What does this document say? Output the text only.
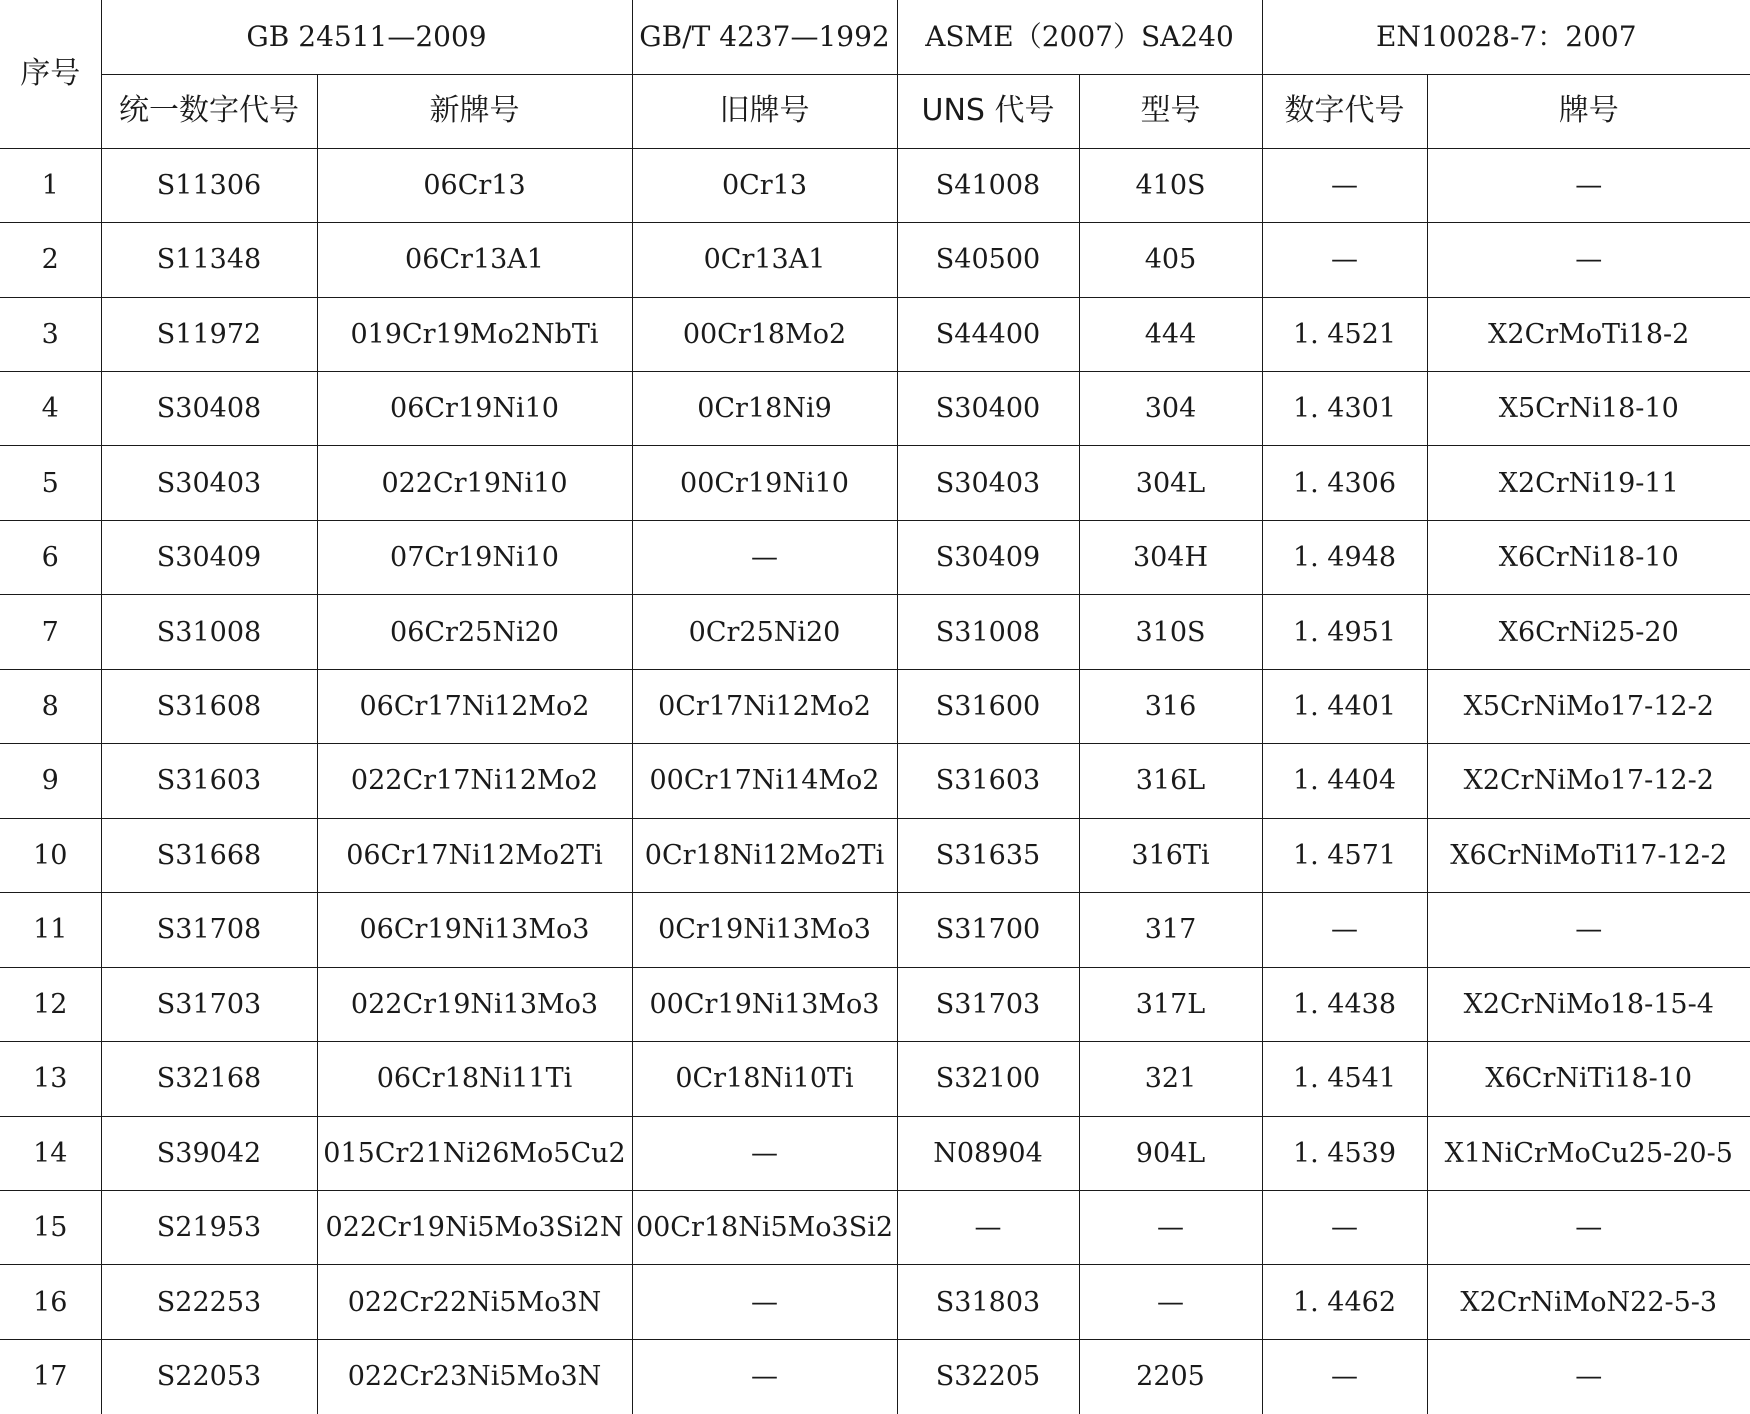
序号	GB 24511—2009		GB/T 4237—1992	ASME（2007）SA240		EN10028-7：2007	
	统一数字代号	新牌号	旧牌号	UNS 代号	型号	数字代号	牌号
1	S11306	06Cr13	0Cr13	S41008	410S	—	—
2	S11348	06Cr13A1	0Cr13A1	S40500	405	—	—
3	S11972	019Cr19Mo2NbTi	00Cr18Mo2	S44400	444	1. 4521	X2CrMoTi18-2
4	S30408	06Cr19Ni10	0Cr18Ni9	S30400	304	1. 4301	X5CrNi18-10
5	S30403	022Cr19Ni10	00Cr19Ni10	S30403	304L	1. 4306	X2CrNi19-11
6	S30409	07Cr19Ni10	—	S30409	304H	1. 4948	X6CrNi18-10
7	S31008	06Cr25Ni20	0Cr25Ni20	S31008	310S	1. 4951	X6CrNi25-20
8	S31608	06Cr17Ni12Mo2	0Cr17Ni12Mo2	S31600	316	1. 4401	X5CrNiMo17-12-2
9	S31603	022Cr17Ni12Mo2	00Cr17Ni14Mo2	S31603	316L	1. 4404	X2CrNiMo17-12-2
10	S31668	06Cr17Ni12Mo2Ti	0Cr18Ni12Mo2Ti	S31635	316Ti	1. 4571	X6CrNiMoTi17-12-2
11	S31708	06Cr19Ni13Mo3	0Cr19Ni13Mo3	S31700	317	—	—
12	S31703	022Cr19Ni13Mo3	00Cr19Ni13Mo3	S31703	317L	1. 4438	X2CrNiMo18-15-4
13	S32168	06Cr18Ni11Ti	0Cr18Ni10Ti	S32100	321	1. 4541	X6CrNiTi18-10
14	S39042	015Cr21Ni26Mo5Cu2	—	N08904	904L	1. 4539	X1NiCrMoCu25-20-5
15	S21953	022Cr19Ni5Mo3Si2N	00Cr18Ni5Mo3Si2	—	—	—	—
16	S22253	022Cr22Ni5Mo3N	—	S31803	—	1. 4462	X2CrNiMoN22-5-3
17	S22053	022Cr23Ni5Mo3N	—	S32205	2205	—	—
